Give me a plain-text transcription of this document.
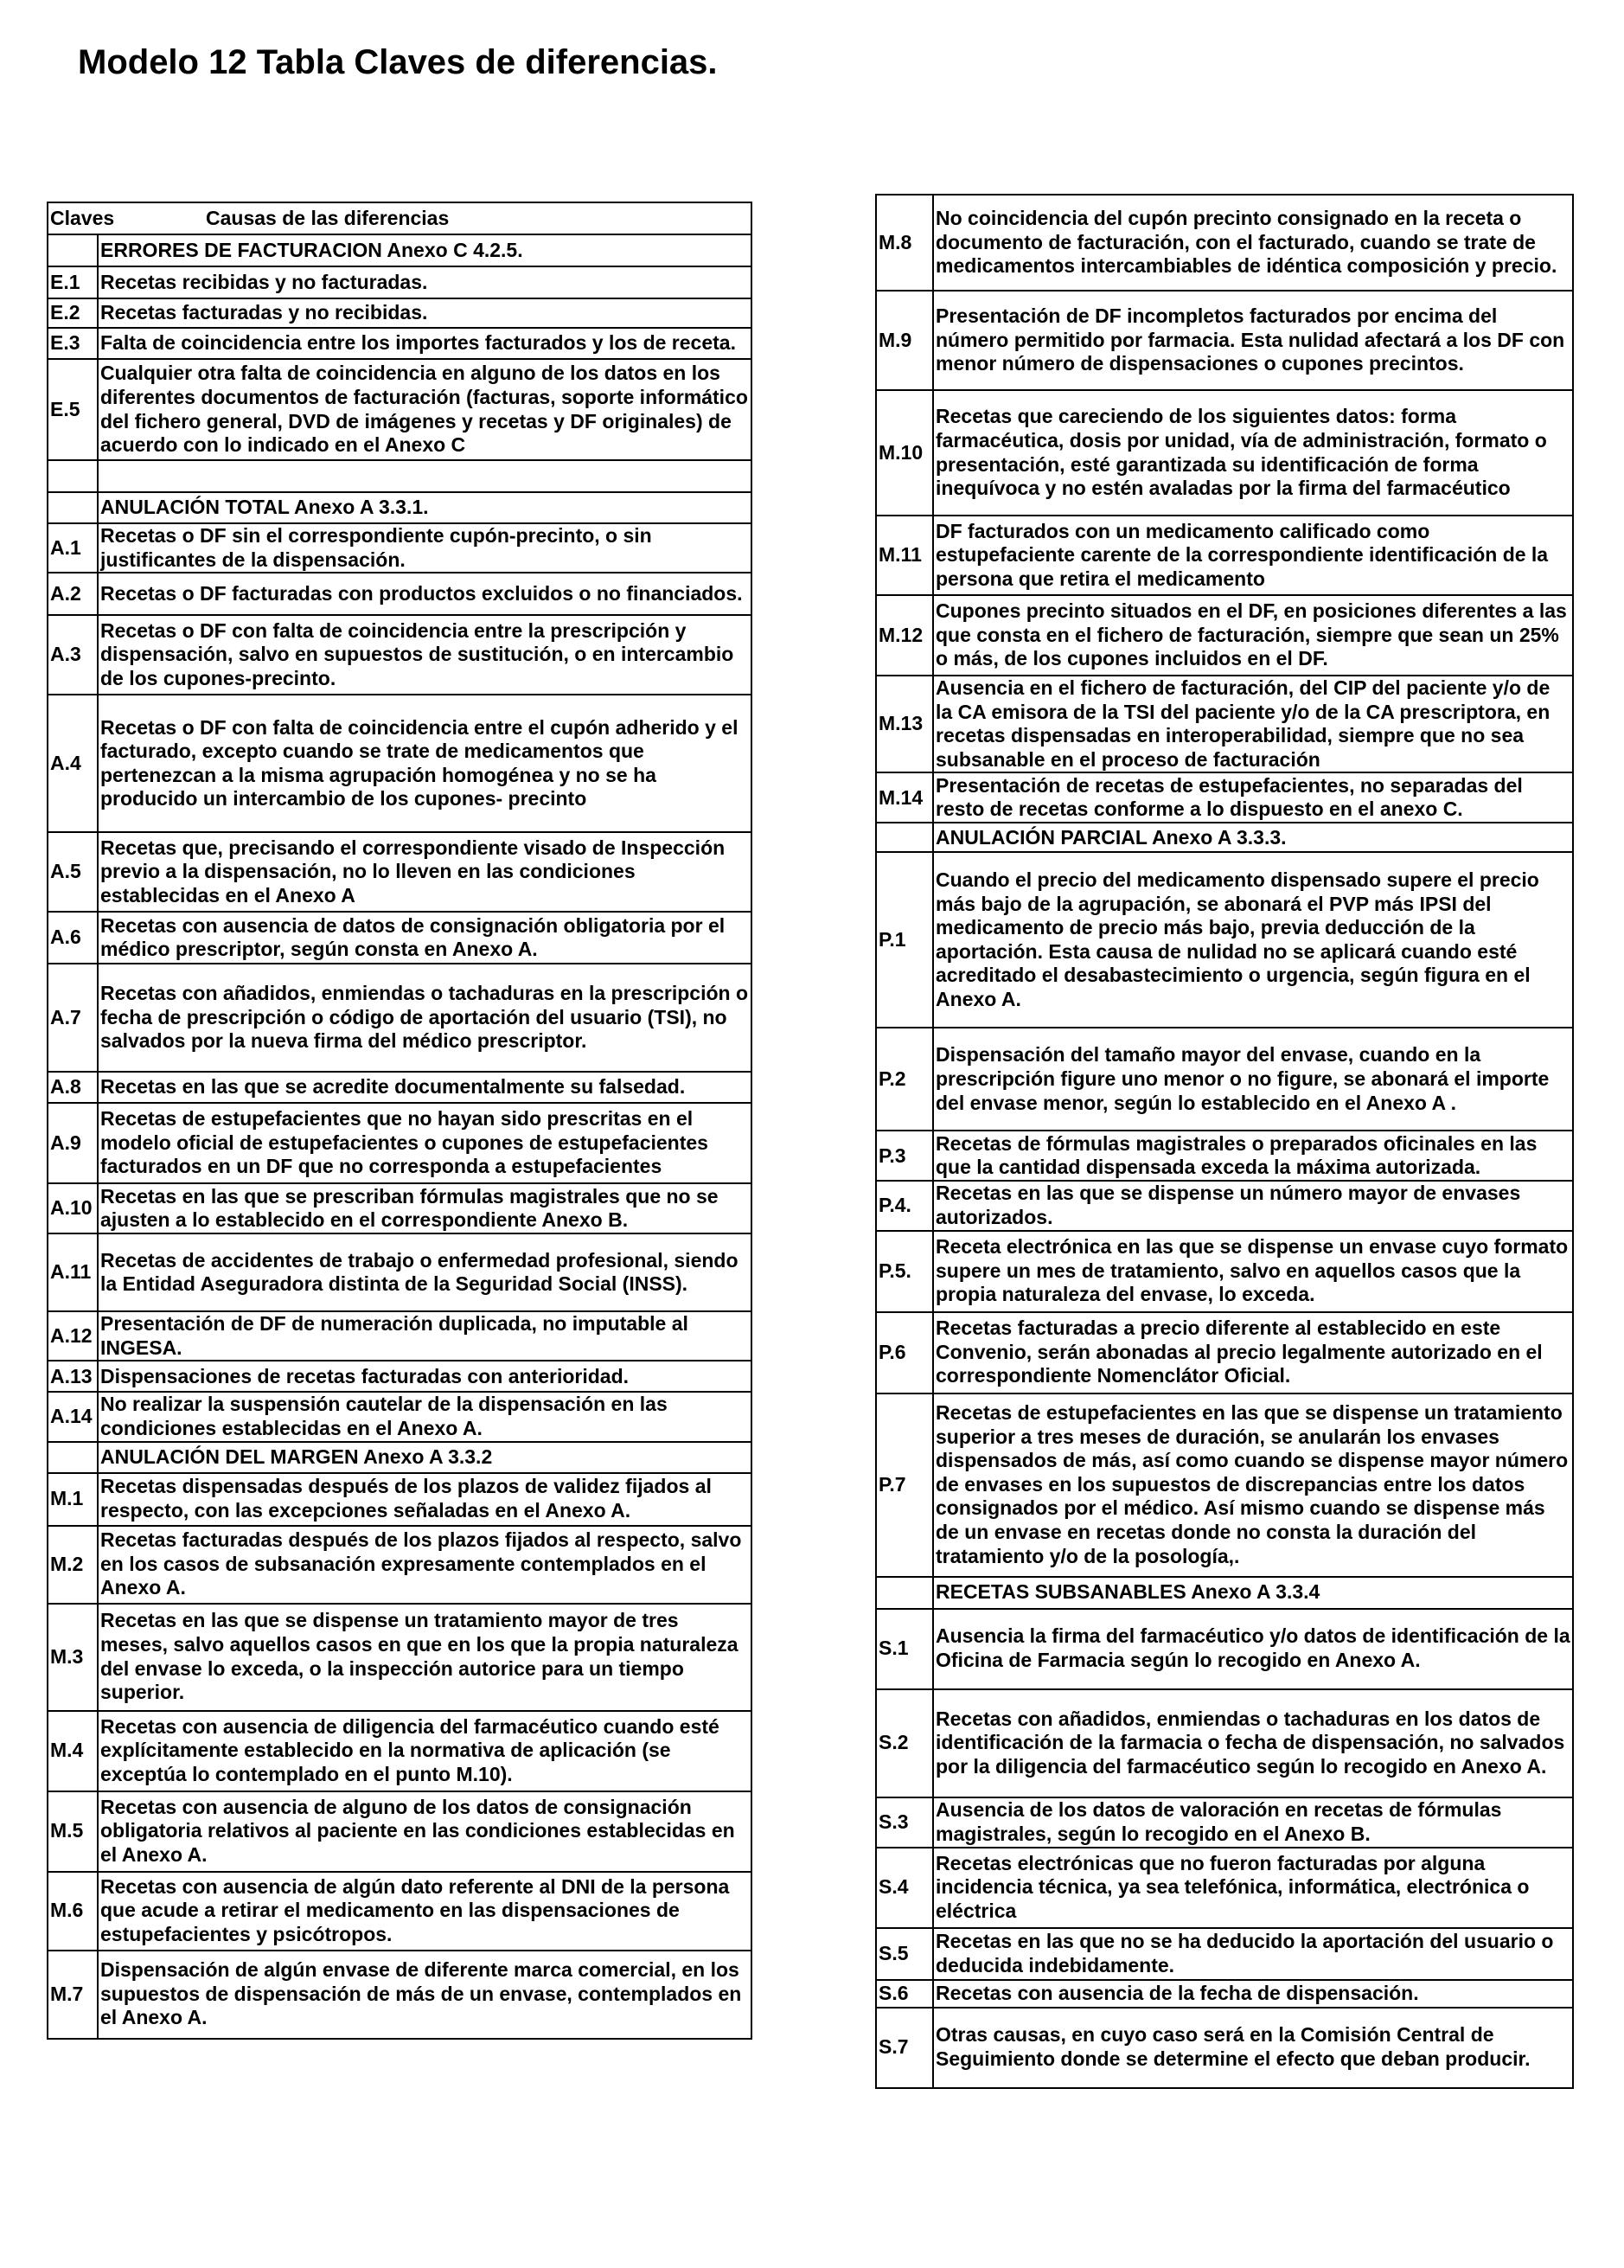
Modelo 12 Tabla Claves de diferencias.
Claves Causas de las diferencias	
	ERRORES DE FACTURACION Anexo C 4.2.5.
E.1	Recetas recibidas y no facturadas.
E.2	Recetas facturadas y no recibidas.
E.3	Falta de coincidencia entre los importes facturados y los de receta.
E.5	Cualquier otra falta de coincidencia en alguno de los datos en los diferentes documentos de facturación (facturas, soporte informático del fichero general, DVD de imágenes y recetas y DF originales) de acuerdo con lo indicado en el Anexo C

	ANULACIÓN TOTAL Anexo A 3.3.1.
A.1	Recetas o DF sin el correspondiente cupón-precinto, o sin justificantes de la dispensación.
A.2	Recetas o DF facturadas con productos excluidos o no financiados.
A.3	Recetas o DF con falta de coincidencia entre la prescripción y dispensación, salvo en supuestos de sustitución, o en intercambio de los cupones-precinto.
A.4	Recetas o DF con falta de coincidencia entre el cupón adherido y el facturado, excepto cuando se trate de medicamentos que pertenezcan a la misma agrupación homogénea y no se ha producido un intercambio de los cupones- precinto
A.5	Recetas que, precisando el correspondiente visado de Inspección previo a la dispensación, no lo lleven en las condiciones establecidas en el Anexo A
A.6	Recetas con ausencia de datos de consignación obligatoria por el médico prescriptor, según consta en Anexo A.
A.7	Recetas con añadidos, enmiendas o tachaduras en la prescripción o fecha de prescripción o código de aportación del usuario (TSI), no salvados por la nueva firma del médico prescriptor.
A.8	Recetas en las que se acredite documentalmente su falsedad.
A.9	Recetas de estupefacientes que no hayan sido prescritas en el modelo oficial de estupefacientes o cupones de estupefacientes facturados en un DF que no corresponda a estupefacientes
A.10	Recetas en las que se prescriban fórmulas magistrales que no se ajusten a lo establecido en el correspondiente Anexo B.
A.11	Recetas de accidentes de trabajo o enfermedad profesional, siendo la Entidad Aseguradora distinta de la Seguridad Social (INSS).
A.12	Presentación de DF de numeración duplicada, no imputable al INGESA.
A.13	Dispensaciones de recetas facturadas con anterioridad.
A.14	No realizar la suspensión cautelar de la dispensación en las condiciones establecidas en el Anexo A.
	ANULACIÓN DEL MARGEN Anexo A 3.3.2
M.1	Recetas dispensadas después de los plazos de validez fijados al respecto, con las excepciones señaladas en el Anexo A.
M.2	Recetas facturadas después de los plazos fijados al respecto, salvo en los casos de subsanación expresamente contemplados en el Anexo A.
M.3	Recetas en las que se dispense un tratamiento mayor de tres meses, salvo aquellos casos en que en los que la propia naturaleza del envase lo exceda, o la inspección autorice para un tiempo superior.
M.4	Recetas con ausencia de diligencia del farmacéutico cuando esté explícitamente establecido en la normativa de aplicación (se exceptúa lo contemplado en el punto M.10).
M.5	Recetas con ausencia de alguno de los datos de consignación obligatoria relativos al paciente en las condiciones establecidas en el Anexo A.
M.6	Recetas con ausencia de algún dato referente al DNI de la persona que acude a retirar el medicamento en las dispensaciones de estupefacientes y psicótropos.
M.7	Dispensación de algún envase de diferente marca comercial, en los supuestos de dispensación de más de un envase, contemplados en el Anexo A.
M.8	No coincidencia del cupón precinto consignado en la receta o documento de facturación, con el facturado, cuando se trate de medicamentos intercambiables de idéntica composición y precio.
M.9	Presentación de DF incompletos facturados por encima del número permitido por farmacia. Esta nulidad afectará a los DF con menor número de dispensaciones o cupones precintos.
M.10	Recetas que careciendo de los siguientes datos: forma farmacéutica, dosis por unidad, vía de administración, formato o presentación, esté garantizada su identificación de forma inequívoca y no estén avaladas por la firma del farmacéutico
M.11	DF facturados con un medicamento calificado como estupefaciente carente de la correspondiente identificación de la persona que retira el medicamento
M.12	Cupones precinto situados en el DF, en posiciones diferentes a las que consta en el fichero de facturación, siempre que sean un 25% o más, de los cupones incluidos en el DF.
M.13	Ausencia en el fichero de facturación, del CIP del paciente y/o de la CA emisora de la TSI del paciente y/o de la CA prescriptora, en recetas dispensadas en interoperabilidad, siempre que no sea subsanable en el proceso de facturación
M.14	Presentación de recetas de estupefacientes, no separadas del resto de recetas conforme a lo dispuesto en el anexo C.
	ANULACIÓN PARCIAL Anexo A 3.3.3.
P.1	Cuando el precio del medicamento dispensado supere el precio más bajo de la agrupación, se abonará el PVP más IPSI del medicamento de precio más bajo, previa deducción de la aportación. Esta causa de nulidad no se aplicará cuando esté acreditado el desabastecimiento o urgencia, según figura en el Anexo A.
P.2	Dispensación del tamaño mayor del envase, cuando en la prescripción figure uno menor o no figure, se abonará el importe del envase menor, según lo establecido en el Anexo A .
P.3	Recetas de fórmulas magistrales o preparados oficinales en las que la cantidad dispensada exceda la máxima autorizada.
P.4.	Recetas en las que se dispense un número mayor de envases autorizados.
P.5.	Receta electrónica en las que se dispense un envase cuyo formato supere un mes de tratamiento, salvo en aquellos casos que la propia naturaleza del envase, lo exceda.
P.6	Recetas facturadas a precio diferente al establecido en este Convenio, serán abonadas al precio legalmente autorizado en el correspondiente Nomenclátor Oficial.
P.7	Recetas de estupefacientes en las que se dispense un tratamiento superior a tres meses de duración, se anularán los envases dispensados de más, así como cuando se dispense mayor número de envases en los supuestos de discrepancias entre los datos consignados por el médico. Así mismo cuando se dispense más de un envase en recetas donde no consta la duración del tratamiento y/o de la posología,.
	RECETAS SUBSANABLES Anexo A 3.3.4
S.1	Ausencia la firma del farmacéutico y/o datos de identificación de la Oficina de Farmacia según lo recogido en Anexo A.
S.2	Recetas con añadidos, enmiendas o tachaduras en los datos de identificación de la farmacia o fecha de dispensación, no salvados por la diligencia del farmacéutico según lo recogido en Anexo A.
S.3	Ausencia de los datos de valoración en recetas de fórmulas magistrales, según lo recogido en el Anexo B.
S.4	Recetas electrónicas que no fueron facturadas por alguna incidencia técnica, ya sea telefónica, informática, electrónica o eléctrica
S.5	Recetas en las que no se ha deducido la aportación del usuario o deducida indebidamente.
S.6	Recetas con ausencia de la fecha de dispensación.
S.7	Otras causas, en cuyo caso será en la Comisión Central de Seguimiento donde se determine el efecto que deban producir.
